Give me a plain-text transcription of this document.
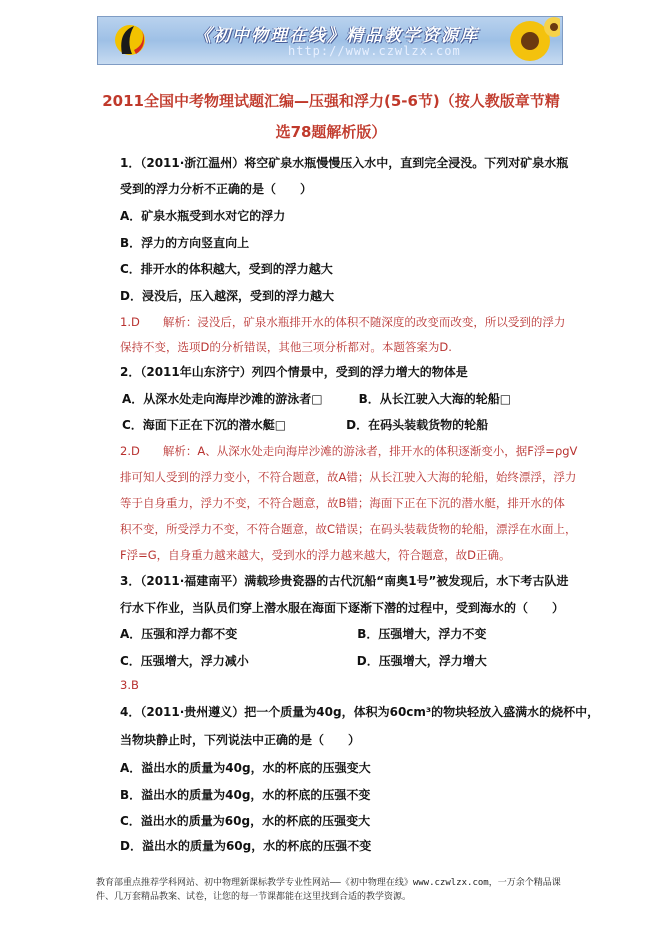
《初中物理在线》精品教学资源库
http://www.czwlzx.com
2011全国中考物理试题汇编—压强和浮力(5-6节)（按人教版章节精选78题解析版）
1．（2011·浙江温州）将空矿泉水瓶慢慢压入水中，直到完全浸没。下列对矿泉水瓶
受到的浮力分析不正确的是（　　）
A．矿泉水瓶受到水对它的浮力
B．浮力的方向竖直向上
C．排开水的体积越大，受到的浮力越大
D．浸没后，压入越深，受到的浮力越大
1.D　　解析：浸没后，矿泉水瓶排开水的体积不随深度的改变而改变，所以受到的浮力
保持不变，选项D的分析错误，其他三项分析都对。本题答案为D.
2．（2011年山东济宁）列四个情景中，受到的浮力增大的物体是
A．从深水处走向海岸沙滩的游泳者□　　　B．从长江驶入大海的轮船□
C．海面下正在下沉的潜水艇□　　　　　D．在码头装载货物的轮船
2.D　　解析：A、从深水处走向海岸沙滩的游泳者，排开水的体积逐渐变小，据F浮=ρgV
排可知人受到的浮力变小，不符合题意，故A错；从长江驶入大海的轮船，始终漂浮，浮力
等于自身重力，浮力不变，不符合题意，故B错；海面下正在下沉的潜水艇，排开水的体
积不变，所受浮力不变，不符合题意，故C错误；在码头装载货物的轮船，漂浮在水面上，
F浮=G，自身重力越来越大，受到水的浮力越来越大，符合题意，故D正确。
3．（2011·福建南平）满载珍贵瓷器的古代沉船“南奥1号”被发现后，水下考古队进
行水下作业，当队员们穿上潜水服在海面下逐渐下潜的过程中，受到海水的（　　）
A．压强和浮力都不变　　　　　　　　　　B．压强增大，浮力不变
C．压强增大，浮力减小　　　　　　　　　D．压强增大，浮力增大
3.B
4．（2011·贵州遵义）把一个质量为40g，体积为60cm³的物块轻放入盛满水的烧杯中，
当物块静止时，下列说法中正确的是（　　）
A．溢出水的质量为40g，水的杯底的压强变大
B．溢出水的质量为40g，水的杯底的压强不变
C．溢出水的质量为60g，水的杯底的压强变大
D．溢出水的质量为60g，水的杯底的压强不变
教育部重点推荐学科网站、初中物理新课标教学专业性网站——《初中物理在线》www.czwlzx.com，一万余个精品课件、几万套精品教案、试卷，让您的每一节课都能在这里找到合适的教学资源。
